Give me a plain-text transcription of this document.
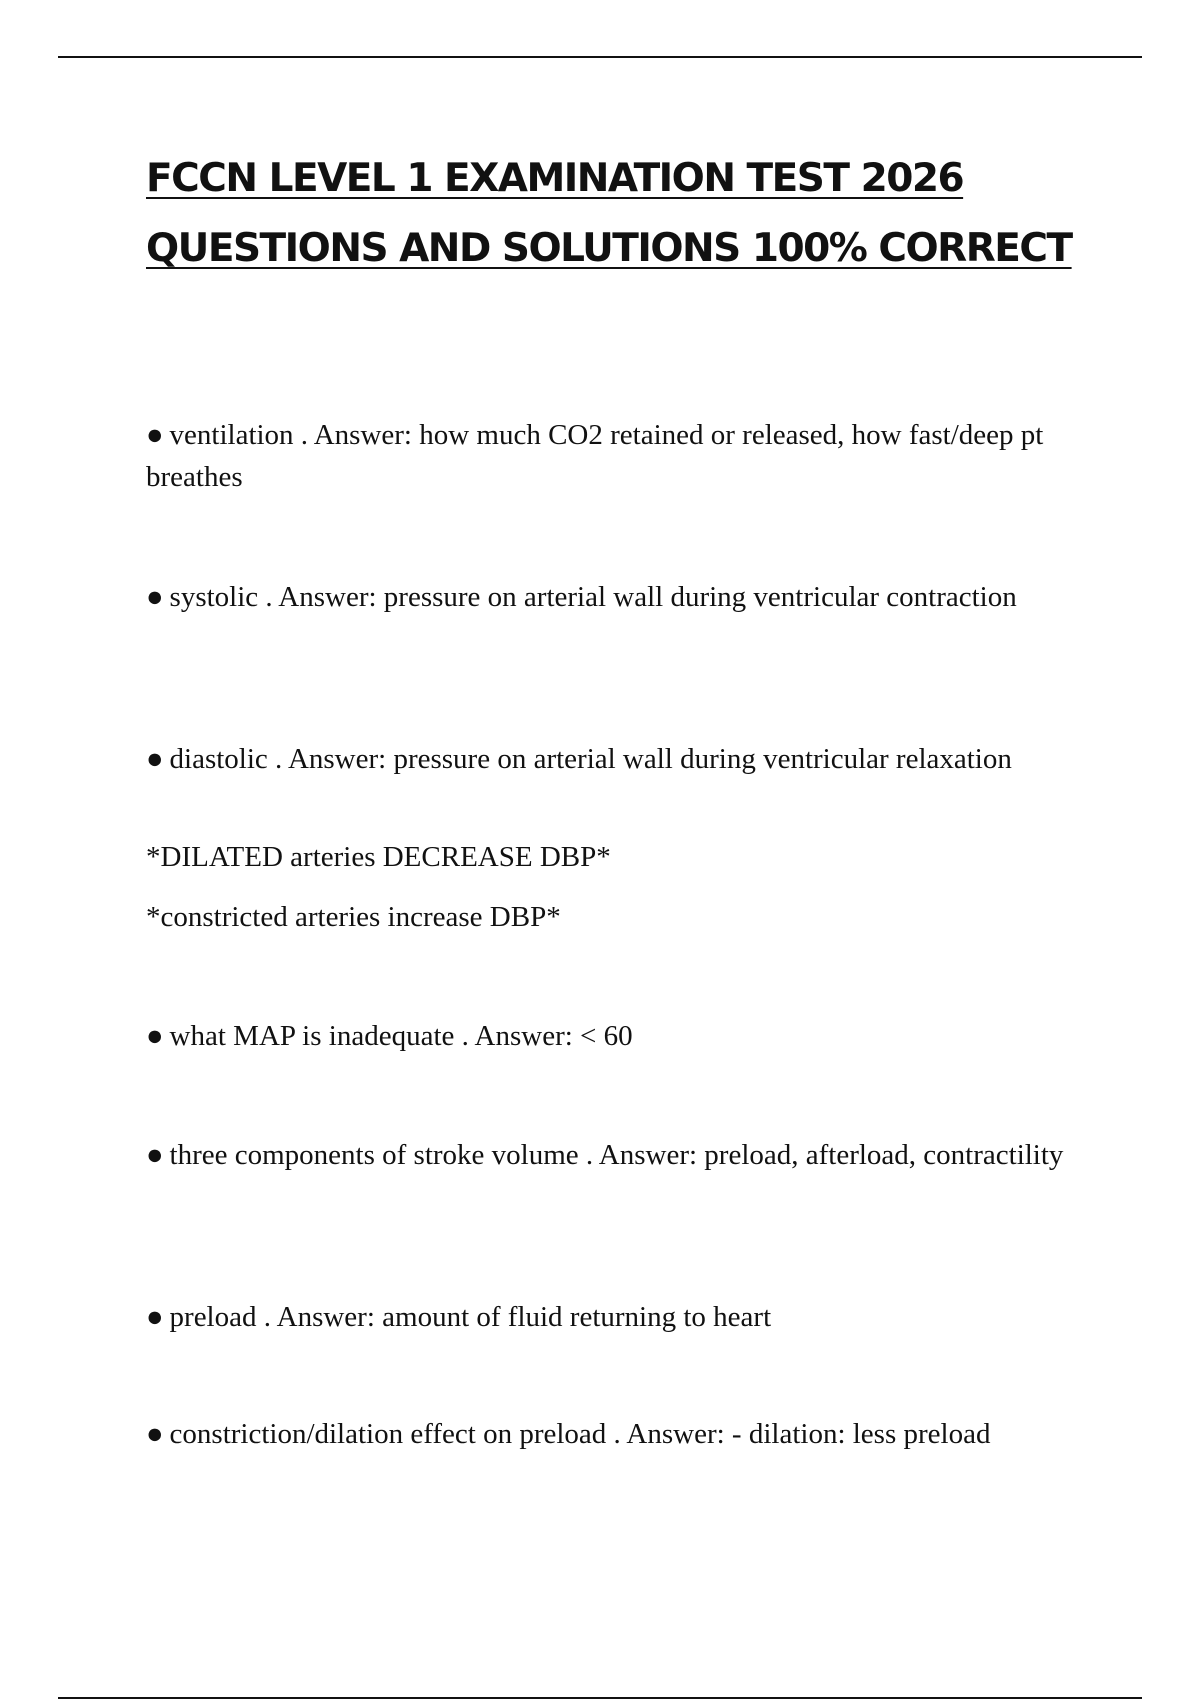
FCCN LEVEL 1 EXAMINATION TEST 2026
QUESTIONS AND SOLUTIONS 100% CORRECT

● ventilation . Answer: how much CO2 retained or released, how fast/deep pt breathes

● systolic . Answer: pressure on arterial wall during ventricular contraction

● diastolic . Answer: pressure on arterial wall during ventricular relaxation

*DILATED arteries DECREASE DBP*

*constricted arteries increase DBP*

● what MAP is inadequate . Answer: < 60

● three components of stroke volume . Answer: preload, afterload, contractility

● preload . Answer: amount of fluid returning to heart

● constriction/dilation effect on preload . Answer: - dilation: less preload
